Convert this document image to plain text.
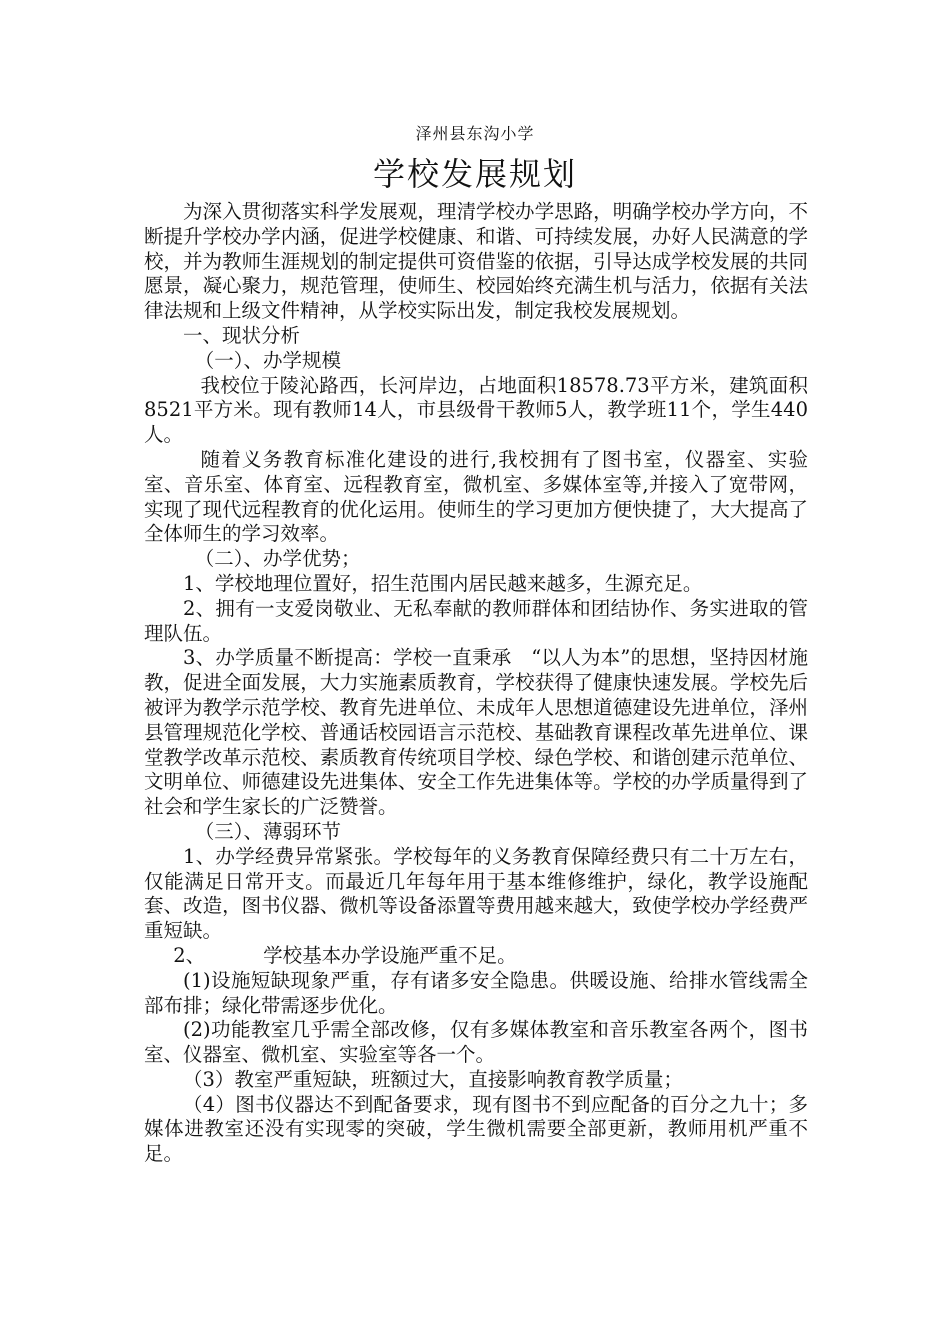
泽州县东沟小学
学校发展规划

为深入贯彻落实科学发展观，理清学校办学思路，明确学校办学方向，不断提升学校办学内涵，促进学校健康、和谐、可持续发展，办好人民满意的学校，并为教师生涯规划的制定提供可资借鉴的依据，引导达成学校发展的共同愿景，凝心聚力，规范管理，使师生、校园始终充满生机与活力，依据有关法律法规和上级文件精神，从学校实际出发，制定我校发展规划。

一、现状分析

（一）、办学规模

我校位于陵沁路西，长河岸边，占地面积18578.73平方米，建筑面积8521平方米。现有教师14人，市县级骨干教师5人，教学班11个，学生440人。

随着义务教育标准化建设的进行,我校拥有了图书室，仪器室、实验室、音乐室、体育室、远程教育室，微机室、多媒体室等,并接入了宽带网，实现了现代远程教育的优化运用。使师生的学习更加方便快捷了，大大提高了全体师生的学习效率。

（二）、办学优势；

1、学校地理位置好，招生范围内居民越来越多，生源充足。

2、拥有一支爱岗敬业、无私奉献的教师群体和团结协作、务实进取的管理队伍。

3、办学质量不断提高：学校一直秉承　“以人为本”的思想，坚持因材施教，促进全面发展，大力实施素质教育，学校获得了健康快速发展。学校先后被评为教学示范学校、教育先进单位、未成年人思想道德建设先进单位，泽州县管理规范化学校、普通话校园语言示范校、基础教育课程改革先进单位、课堂教学改革示范校、素质教育传统项目学校、绿色学校、和谐创建示范单位、文明单位、师德建设先进集体、安全工作先进集体等。学校的办学质量得到了社会和学生家长的广泛赞誉。

（三）、薄弱环节

1、办学经费异常紧张。学校每年的义务教育保障经费只有二十万左右，仅能满足日常开支。而最近几年每年用于基本维修维护，绿化，教学设施配套、改造，图书仪器、微机等设备添置等费用越来越大，致使学校办学经费严重短缺。

2、	学校基本办学设施严重不足。

(1)设施短缺现象严重，存有诸多安全隐患。供暖设施、给排水管线需全部布排；绿化带需逐步优化。

(2)功能教室几乎需全部改修，仅有多媒体教室和音乐教室各两个，图书室、仪器室、微机室、实验室等各一个。

（3）教室严重短缺，班额过大，直接影响教育教学质量；

（4）图书仪器达不到配备要求，现有图书不到应配备的百分之九十；多媒体进教室还没有实现零的突破，学生微机需要全部更新，教师用机严重不足。
